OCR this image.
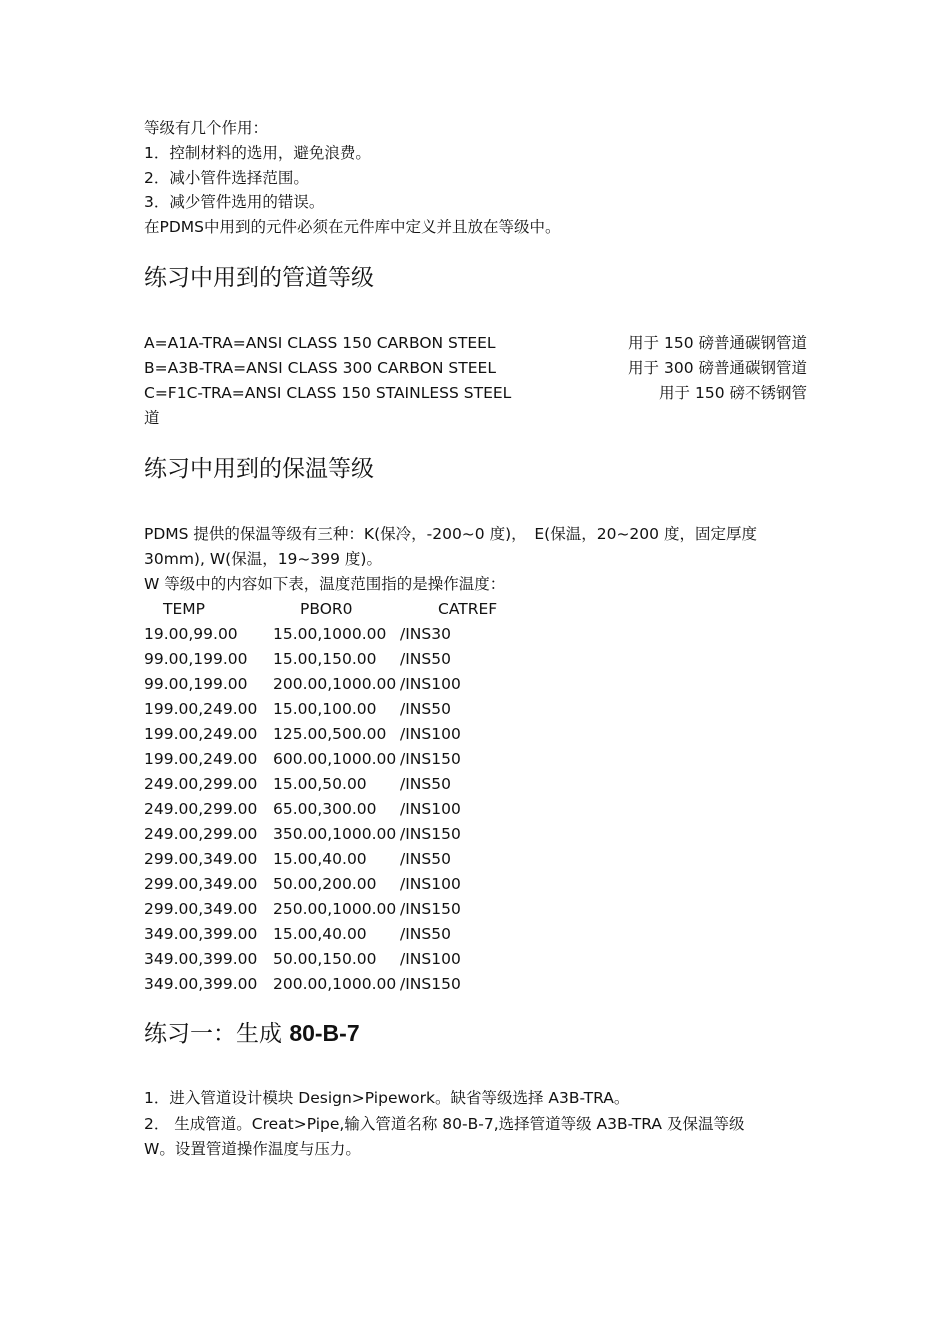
等级有几个作用：

1．控制材料的选用，避免浪费。

2．减小管件选择范围。

3．减少管件选用的错误。

在PDMS中用到的元件必须在元件库中定义并且放在等级中。

练习中用到的管道等级

A=A1A-TRA=ANSI CLASS 150 CARBON STEEL	用于 150 磅普通碳钢管道

B=A3B-TRA=ANSI CLASS 300 CARBON STEEL	用于 300 磅普通碳钢管道

C=F1C-TRA=ANSI CLASS 150 STAINLESS STEEL	用于 150 磅不锈钢管

道

练习中用到的保温等级

PDMS 提供的保温等级有三种：K(保冷，-200~0 度)，　E(保温，20~200 度，固定厚度

30mm), W(保温，19~399 度)。

W 等级中的内容如下表，温度范围指的是操作温度：

TEMP	PBOR0	CATREF
19.00,99.00 15.00,1000.00 /INS30
99.00,199.00 15.00,150.00 /INS50
99.00,199.00 200.00,1000.00 /INS100
199.00,249.00 15.00,100.00 /INS50
199.00,249.00 125.00,500.00 /INS100
199.00,249.00 600.00,1000.00 /INS150
249.00,299.00 15.00,50.00 /INS50
249.00,299.00 65.00,300.00 /INS100
249.00,299.00 350.00,1000.00 /INS150
299.00,349.00 15.00,40.00 /INS50
299.00,349.00 50.00,200.00 /INS100
299.00,349.00 250.00,1000.00 /INS150
349.00,399.00 15.00,40.00 /INS50
349.00,399.00 50.00,150.00 /INS100
349.00,399.00 200.00,1000.00 /INS150
练习一：生成 80-B-7

1．进入管道设计模块 Design>Pipework。缺省等级选择 A3B-TRA。

2． 生成管道。Creat>Pipe,输入管道名称 80-B-7,选择管道等级 A3B-TRA 及保温等级

W。设置管道操作温度与压力。
